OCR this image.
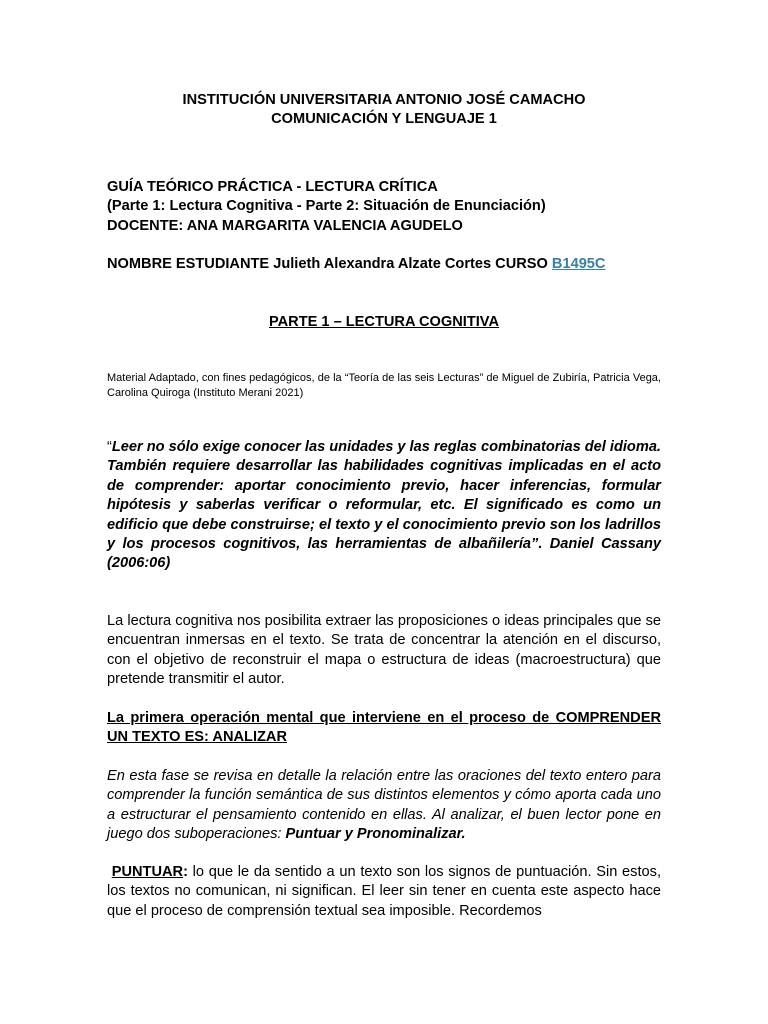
INSTITUCIÓN UNIVERSITARIA ANTONIO JOSÉ CAMACHO
COMUNICACIÓN Y LENGUAJE 1
GUÍA TEÓRICO PRÁCTICA - LECTURA CRÍTICA
(Parte 1: Lectura Cognitiva - Parte 2: Situación de Enunciación)
DOCENTE: ANA MARGARITA VALENCIA AGUDELO
NOMBRE ESTUDIANTE Julieth Alexandra Alzate Cortes CURSO B1495C
PARTE 1 – LECTURA COGNITIVA
Material Adaptado, con fines pedagógicos, de la “Teoría de las seis Lecturas” de Miguel de Zubiría, Patricia Vega, Carolina Quiroga (Instituto Merani 2021)
“Leer no sólo exige conocer las unidades y las reglas combinatorias del idioma. También requiere desarrollar las habilidades cognitivas implicadas en el acto de comprender: aportar conocimiento previo, hacer inferencias, formular hipótesis y saberlas verificar o reformular, etc. El significado es como un edificio que debe construirse; el texto y el conocimiento previo son los ladrillos y los procesos cognitivos, las herramientas de albañilería”. Daniel Cassany (2006:06)
La lectura cognitiva nos posibilita extraer las proposiciones o ideas principales que se encuentran inmersas en el texto. Se trata de concentrar la atención en el discurso, con el objetivo de reconstruir el mapa o estructura de ideas (macroestructura) que pretende transmitir el autor.
La primera operación mental que interviene en el proceso de COMPRENDER UN TEXTO ES: ANALIZAR
En esta fase se revisa en detalle la relación entre las oraciones del texto entero para comprender la función semántica de sus distintos elementos y cómo aporta cada uno a estructurar el pensamiento contenido en ellas. Al analizar, el buen lector pone en juego dos suboperaciones: Puntuar y Pronominalizar.
PUNTUAR: lo que le da sentido a un texto son los signos de puntuación. Sin estos, los textos no comunican, ni significan. El leer sin tener en cuenta este aspecto hace que el proceso de comprensión textual sea imposible. Recordemos
